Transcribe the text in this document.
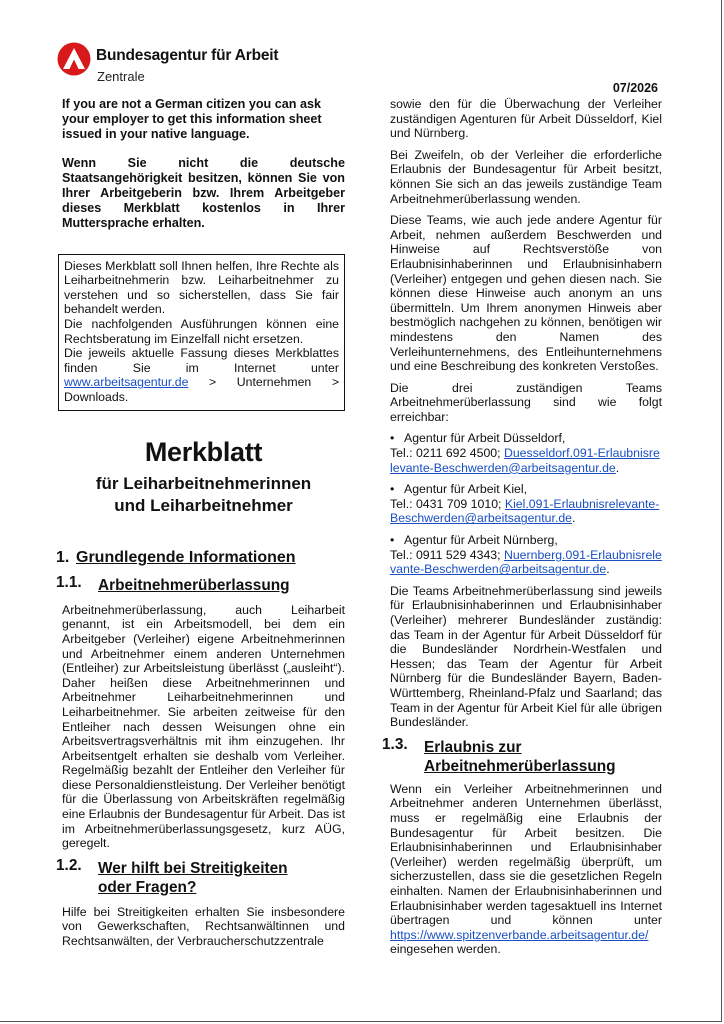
Bundesagentur für Arbeit
Zentrale
07/2026

If you are not a German citizen you can ask your employer to get this information sheet issued in your native language.

Wenn Sie nicht die deutsche Staatsangehörigkeit besitzen, können Sie von Ihrer Arbeitgeberin bzw. Ihrem Arbeitgeber dieses Merkblatt kostenlos in Ihrer Muttersprache erhalten.

Dieses Merkblatt soll Ihnen helfen, Ihre Rechte als Leiharbeitnehmerin bzw. Leiharbeitnehmer zu verstehen und so sicherstellen, dass Sie fair behandelt werden.

Die nachfolgenden Ausführungen können eine Rechtsberatung im Einzelfall nicht ersetzen.

Die jeweils aktuelle Fassung dieses Merkblattes finden Sie im Internet unter www.arbeitsagentur.de > Unternehmen > Downloads.

Merkblatt
für Leiharbeitnehmerinnen
und Leiharbeitnehmer
1. Grundlegende Informationen
1.1.	Arbeitnehmerüberlassung

Arbeitnehmerüberlassung, auch Leiharbeit genannt, ist ein Arbeitsmodell, bei dem ein Arbeitgeber (Verleiher) eigene Arbeitnehmerinnen und Arbeitnehmer einem anderen Unternehmen (Entleiher) zur Arbeitsleistung überlässt („ausleiht“). Daher heißen diese Arbeitnehmerinnen und Arbeitnehmer Leiharbeitnehmerinnen und Leiharbeitnehmer. Sie arbeiten zeitweise für den Entleiher nach dessen Weisungen ohne ein Arbeitsvertragsverhältnis mit ihm einzugehen. Ihr Arbeitsentgelt erhalten sie deshalb vom Verleiher. Regelmäßig bezahlt der Entleiher den Verleiher für diese Personaldienstleistung. Der Verleiher benötigt für die Überlassung von Arbeitskräften regelmäßig eine Erlaubnis der Bundesagentur für Arbeit. Das ist im Arbeitnehmerüberlassungsgesetz, kurz AÜG, geregelt.

1.2.	Wer hilft bei Streitigkeiten oder Fragen?

Hilfe bei Streitigkeiten erhalten Sie insbesondere von Gewerkschaften, Rechtsanwältinnen und Rechtsanwälten, der Verbraucherschutzzentrale

sowie den für die Überwachung der Verleiher zuständigen Agenturen für Arbeit Düsseldorf, Kiel und Nürnberg.

Bei Zweifeln, ob der Verleiher die erforderliche Erlaubnis der Bundesagentur für Arbeit besitzt, können Sie sich an das jeweils zuständige Team Arbeitnehmerüberlassung wenden.

Diese Teams, wie auch jede andere Agentur für Arbeit, nehmen außerdem Beschwerden und Hinweise auf Rechtsverstöße von Erlaubnisinhaberinnen und Erlaubnisinhabern (Verleiher) entgegen und gehen diesen nach. Sie können diese Hinweise auch anonym an uns übermitteln. Um Ihrem anonymen Hinweis aber bestmöglich nachgehen zu können, benötigen wir mindestens den Namen des Verleihunternehmens, des Entleihunternehmens und eine Beschreibung des konkreten Verstoßes.

Die drei zuständigen Teams Arbeitnehmerüberlassung sind wie folgt erreichbar:

• Agentur für Arbeit Düsseldorf,
Tel.: 0211 692 4500; Duesseldorf.091-Erlaubnisrelevante-Beschwerden@arbeitsagentur.de.
• Agentur für Arbeit Kiel,
Tel.: 0431 709 1010; Kiel.091-Erlaubnisrelevante-Beschwerden@arbeitsagentur.de.
• Agentur für Arbeit Nürnberg,
Tel.: 0911 529 4343; Nuernberg.091-Erlaubnisrelevante-Beschwerden@arbeitsagentur.de.

Die Teams Arbeitnehmerüberlassung sind jeweils für Erlaubnisinhaberinnen und Erlaubnisinhaber (Verleiher) mehrerer Bundesländer zuständig: das Team in der Agentur für Arbeit Düsseldorf für die Bundesländer Nordrhein-Westfalen und Hessen; das Team der Agentur für Arbeit Nürnberg für die Bundesländer Bayern, Baden-Württemberg, Rheinland-Pfalz und Saarland; das Team in der Agentur für Arbeit Kiel für alle übrigen Bundesländer.

1.3.	Erlaubnis zur Arbeitnehmerüberlassung

Wenn ein Verleiher Arbeitnehmerinnen und Arbeitnehmer anderen Unternehmen überlässt, muss er regelmäßig eine Erlaubnis der Bundesagentur für Arbeit besitzen. Die Erlaubnisinhaberinnen und Erlaubnisinhaber (Verleiher) werden regelmäßig überprüft, um sicherzustellen, dass sie die gesetzlichen Regeln einhalten. Namen der Erlaubnisinhaberinnen und Erlaubnisinhaber werden tagesaktuell ins Internet übertragen und können unter https://www.spitzenverbande.arbeitsagentur.de/ eingesehen werden.
